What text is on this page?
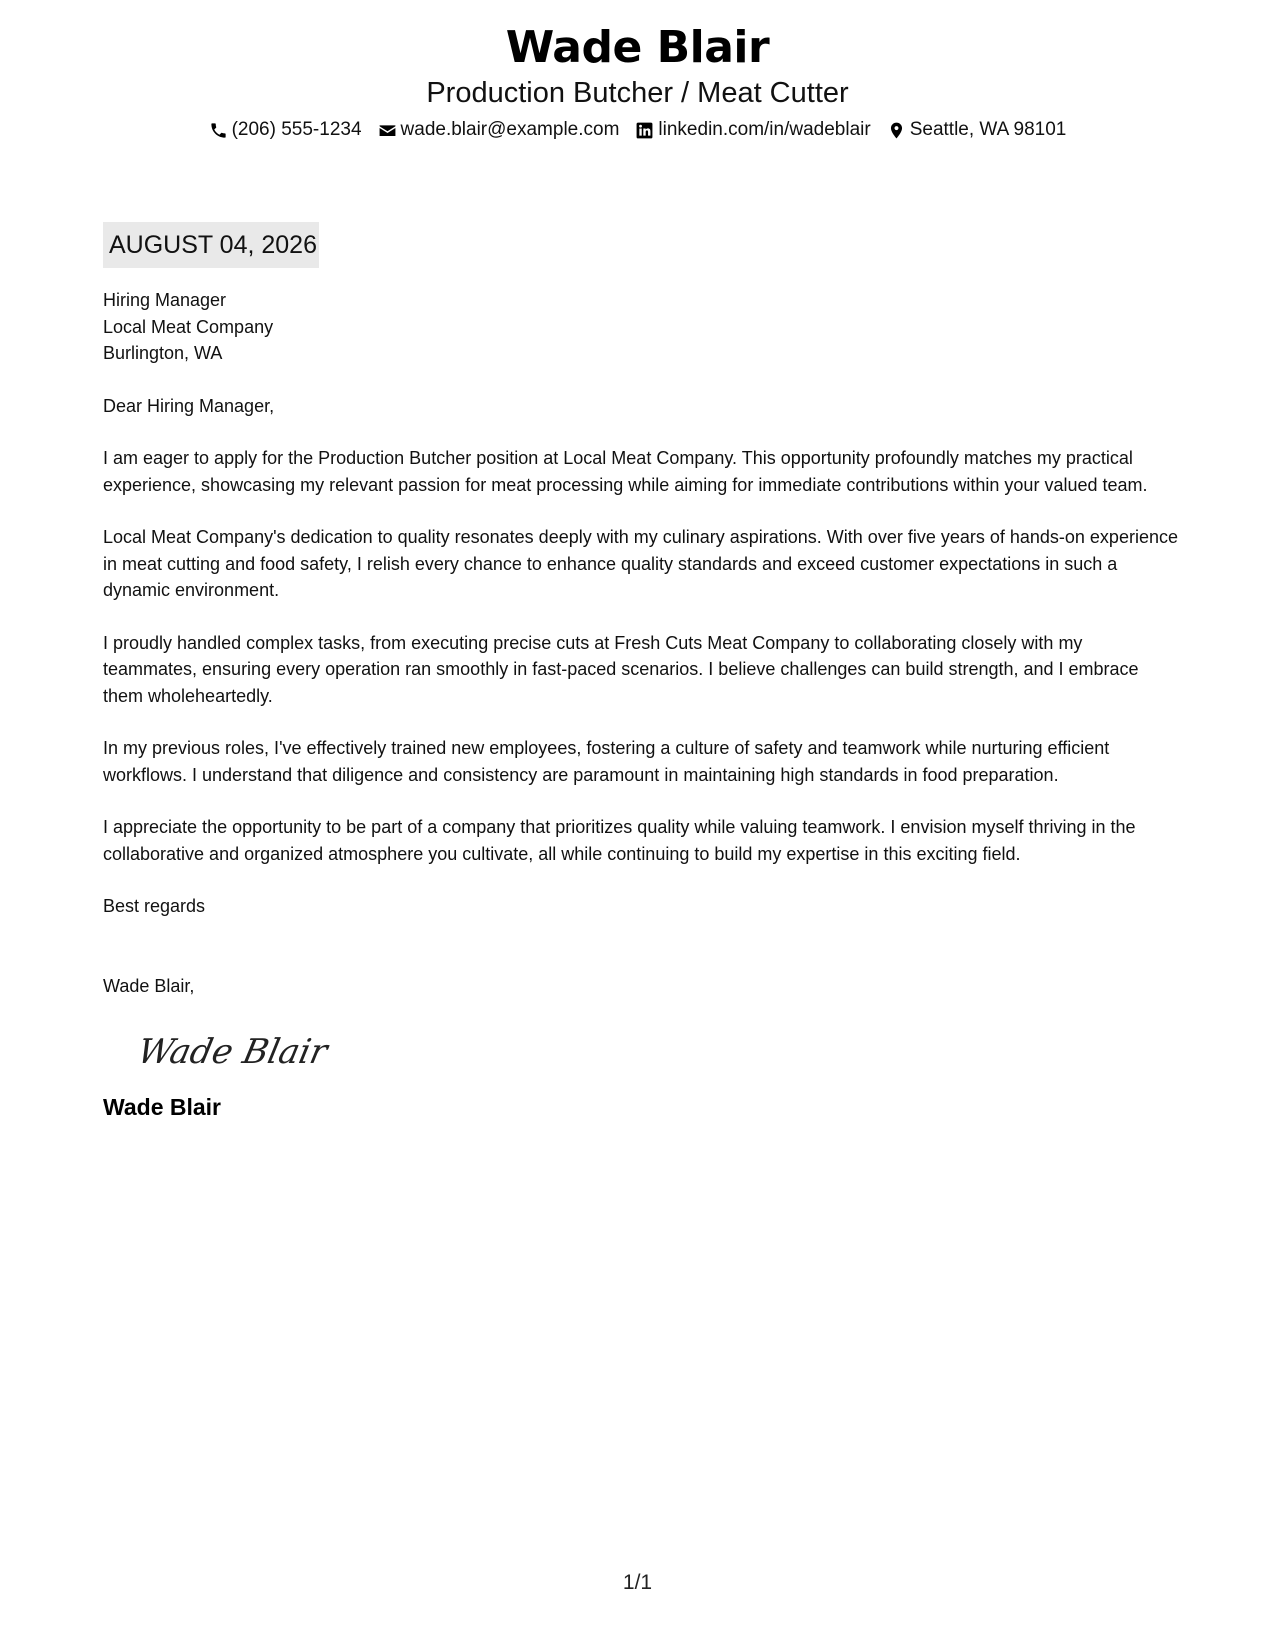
Wade Blair
Production Butcher / Meat Cutter
(206) 555-1234 wade.blair@example.com linkedin.com/in/wadeblair Seattle, WA 98101
AUGUST 04, 2026
Hiring Manager
Local Meat Company
Burlington, WA
Dear Hiring Manager,
I am eager to apply for the Production Butcher position at Local Meat Company. This opportunity profoundly matches my practical experience, showcasing my relevant passion for meat processing while aiming for immediate contributions within your valued team.
Local Meat Company's dedication to quality resonates deeply with my culinary aspirations. With over five years of hands-on experience in meat cutting and food safety, I relish every chance to enhance quality standards and exceed customer expectations in such a dynamic environment.
I proudly handled complex tasks, from executing precise cuts at Fresh Cuts Meat Company to collaborating closely with my teammates, ensuring every operation ran smoothly in fast-paced scenarios. I believe challenges can build strength, and I embrace them wholeheartedly.
In my previous roles, I've effectively trained new employees, fostering a culture of safety and teamwork while nurturing efficient workflows. I understand that diligence and consistency are paramount in maintaining high standards in food preparation.
I appreciate the opportunity to be part of a company that prioritizes quality while valuing teamwork. I envision myself thriving in the collaborative and organized atmosphere you cultivate, all while continuing to build my expertise in this exciting field.
Best regards
Wade Blair,
Wade Blair
Wade Blair
1/1
